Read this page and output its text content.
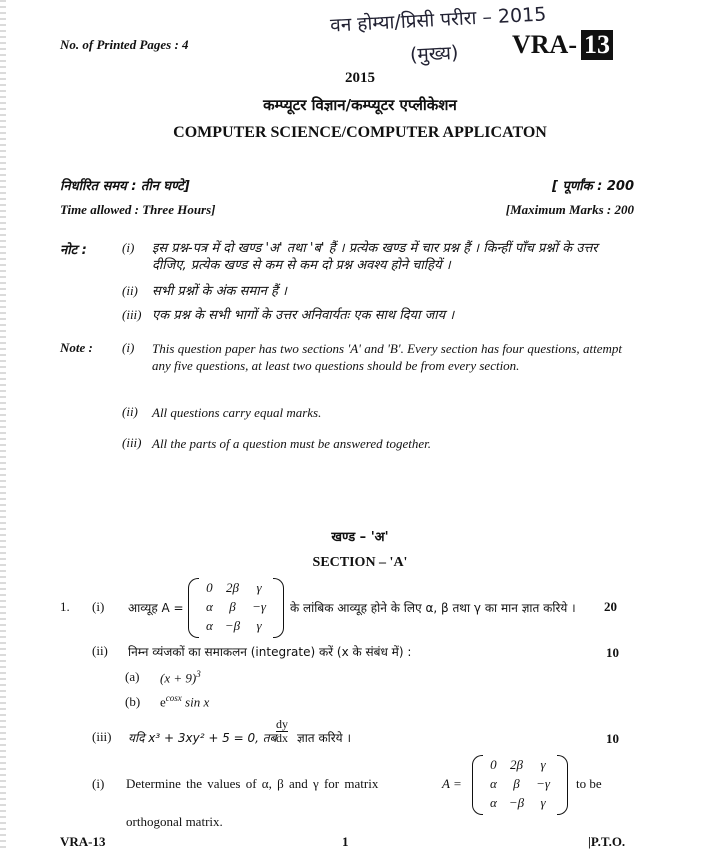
वन होम्या/प्रिसी परीरा – 2015
(मुख्य)
No. of Printed Pages : 4	VRA- 13
2015
कम्प्यूटर विज्ञान/कम्प्यूटर एप्लीकेशन
COMPUTER SCIENCE/COMPUTER APPLICATON
निर्धारित समय : तीन घण्टे]	[ पूर्णांक : 200
Time allowed : Three Hours]	[Maximum Marks : 200
नोट :	(i) इस प्रश्न-पत्र में दो खण्ड 'अ' तथा 'ब' हैं । प्रत्येक खण्ड में चार प्रश्न हैं । किन्हीं पाँच प्रश्नों के उत्तर दीजिए, प्रत्येक खण्ड से कम से कम दो प्रश्न अवश्य होने चाहियें ।
(ii) सभी प्रश्नों के अंक समान हैं ।
(iii) एक प्रश्न के सभी भागों के उत्तर अनिवार्यतः एक साथ दिया जाय ।
Note : (i) This question paper has two sections 'A' and 'B'. Every section has four questions, attempt any five questions, at least two questions should be from every section.
(ii) All questions carry equal marks.
(iii) All the parts of a question must be answered together.
खण्ड – 'अ'
SECTION – 'A'
1. (i) आव्यूह A =
0	2β	γ
α	β	−γ
α	−β	γ
के लांबिक आव्यूह होने के लिए α, β तथा γ का मान ज्ञात करिये । 20
(ii) निम्न व्यंजकों का समाकलन (integrate) करें (x के संबंध में) :	10
(a) $(x + 9)^3$
(b) $e^{cosx}$ sin x
(iii) यदि x³ + 3xy² + 5 = 0, तब $\frac{dy}{dx}$ ज्ञात करिये ।	10
(i) Determine the values of α, β and γ for matrix	A =
0	2β	γ
α	β	−γ
α	−β	γ
to be
orthogonal matrix.
VRA-13	1	|P.T.O.
